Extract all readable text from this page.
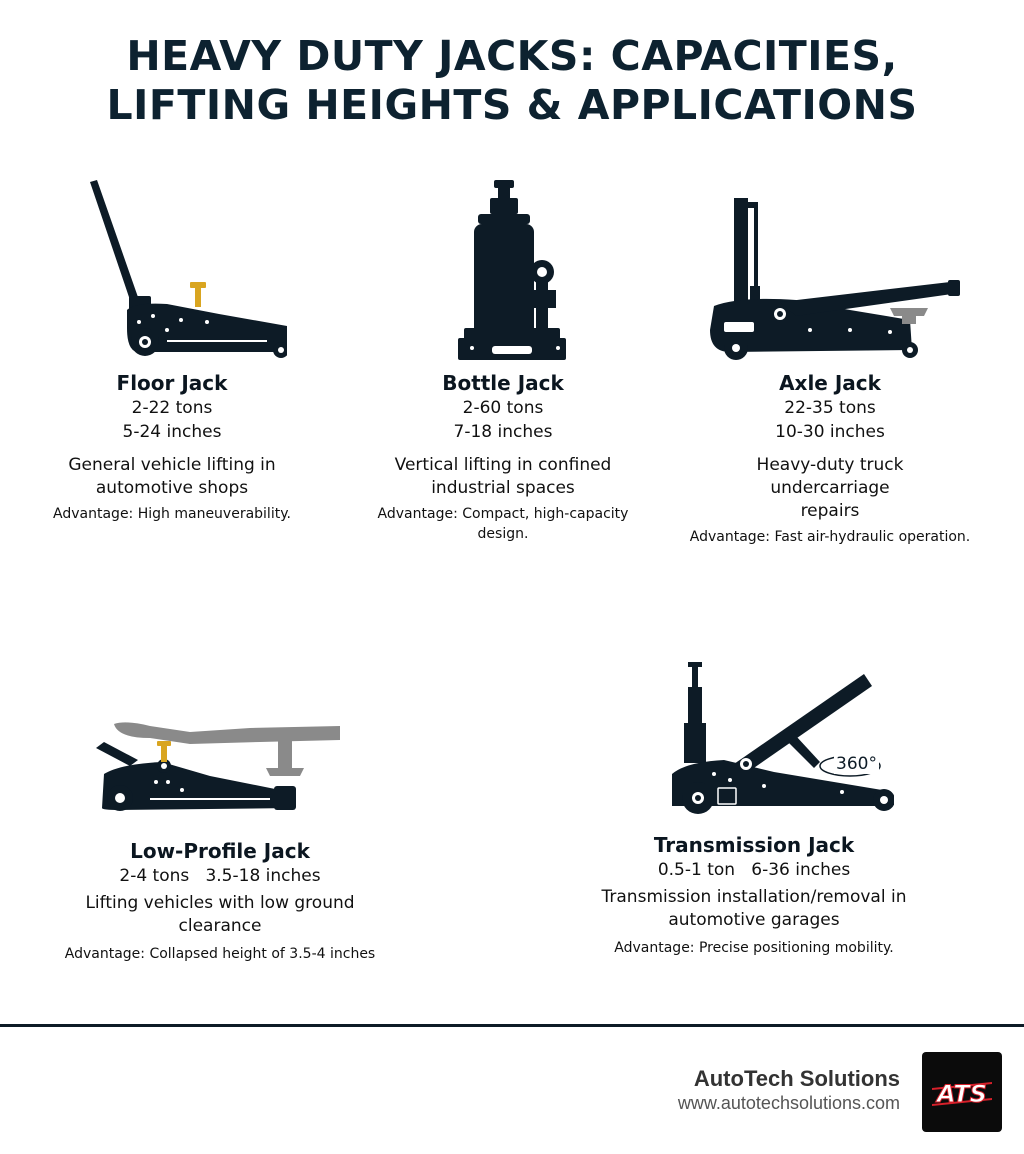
HEAVY DUTY JACKS: CAPACITIES,
LIFTING HEIGHTS & APPLICATIONS

Floor Jack

2-22 tons

5-24 inches

General vehicle lifting in automotive shops

Advantage: High maneuverability.

Bottle Jack

2-60 tons

7-18 inches

Vertical lifting in confined industrial spaces

Advantage: Compact, high-capacity design.

Axle Jack

22-35 tons

10-30 inches

Heavy-duty truck undercarriage repairs

Advantage: Fast air-hydraulic operation.

Low-Profile Jack

2-4 tons   3.5-18 inches

Lifting vehicles with low ground clearance

Advantage: Collapsed height of 3.5-4 inches

360°

Transmission Jack

0.5-1 ton   6-36 inches

Transmission installation/removal in automotive garages

Advantage: Precise positioning mobility.

AutoTech Solutions
www.autotechsolutions.com ATS
